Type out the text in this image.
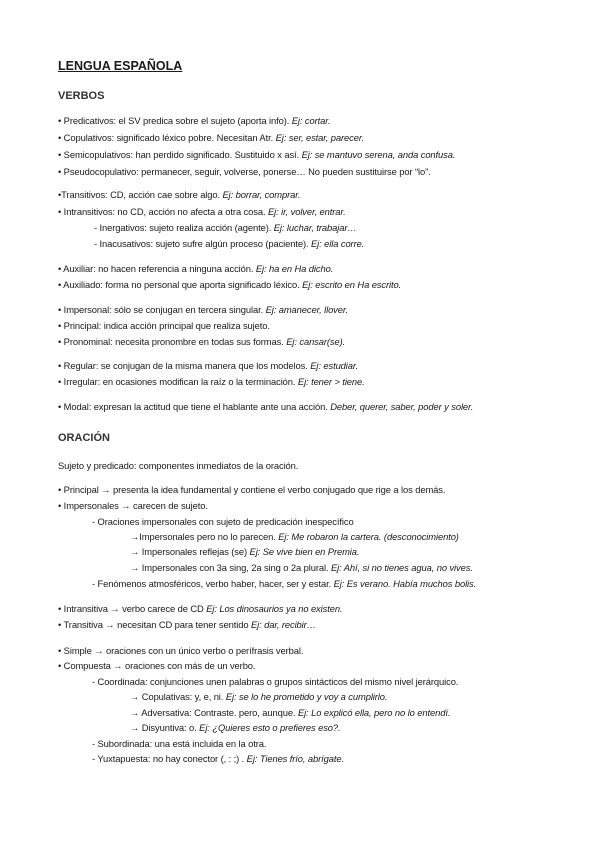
LENGUA ESPAÑOLA
VERBOS
• Predicativos: el SV predica sobre el sujeto (aporta info). Ej: cortar.
• Copulativos: significado léxico pobre. Necesitan Atr. Ej: ser, estar, parecer.
• Semicopulativos: han perdido significado. Sustituido x así. Ej: se mantuvo serena, anda confusa.
• Pseudocopulativo: permanecer, seguir, volverse, ponerse… No pueden sustituirse por “lo”.
•Transitivos: CD, acción cae sobre algo. Ej: borrar, comprar.
• Intransitivos: no CD, acción no afecta a otra cosa. Ej: ir, volver, entrar.
- Inergativos: sujeto realiza acción (agente). Ej: luchar, trabajar…
- Inacusativos: sujeto sufre algún proceso (paciente). Ej: ella corre.
• Auxiliar: no hacen referencia a ninguna acción. Ej: ha en Ha dicho.
• Auxiliado: forma no personal que aporta significado léxico. Ej: escrito en Ha escrito.
• Impersonal: sólo se conjugan en tercera singular. Ej: amanecer, llover.
• Principal: indica acción principal que realiza sujeto.
• Pronominal: necesita pronombre en todas sus formas. Ej: cansar(se).
• Regular: se conjugan de la misma manera que los modelos. Ej: estudiar.
• Irregular: en ocasiones modifican la raíz o la terminación. Ej: tener > tiene.
• Modal: expresan la actitud que tiene el hablante ante una acción. Deber, querer, saber, poder y soler.
ORACIÓN
Sujeto y predicado: componentes inmediatos de la oración.
• Principal → presenta la idea fundamental y contiene el verbo conjugado que rige a los demás.
• Impersonales → carecen de sujeto.
- Oraciones impersonales con sujeto de predicación inespecífico
→Impersonales pero no lo parecen. Ej: Me robaron la cartera. (desconocimiento)
→ Impersonales reflejas (se) Ej: Se vive bien en Premia.
→ Impersonales con 3a sing, 2a sing o 2a plural. Ej: Ahí, si no tienes agua, no vives.
- Fenómenos atmosféricos, verbo haber, hacer, ser y estar. Ej: Es verano. Había muchos bolis.
• Intransitiva → verbo carece de CD Ej: Los dinosaurios ya no existen.
• Transitiva → necesitan CD para tener sentido Ej: dar, recibir…
• Simple → oraciones con un único verbo o perífrasis verbal.
• Compuesta → oraciones con más de un verbo.
- Coordinada: conjunciones unen palabras o grupos sintácticos del mismo nivel jerárquico.
→ Copulativas: y, e, ni. Ej: se lo he prometido y voy a cumplirlo.
→ Adversativa: Contraste. pero, aunque. Ej: Lo explicó ella, pero no lo entendí.
→ Disyuntiva: o. Ej: ¿Quieres esto o prefieres eso?.
- Subordinada: una está incluida en la otra.
- Yuxtapuesta: no hay conector (, : ;) . Ej: Tienes frío, abrígate.
